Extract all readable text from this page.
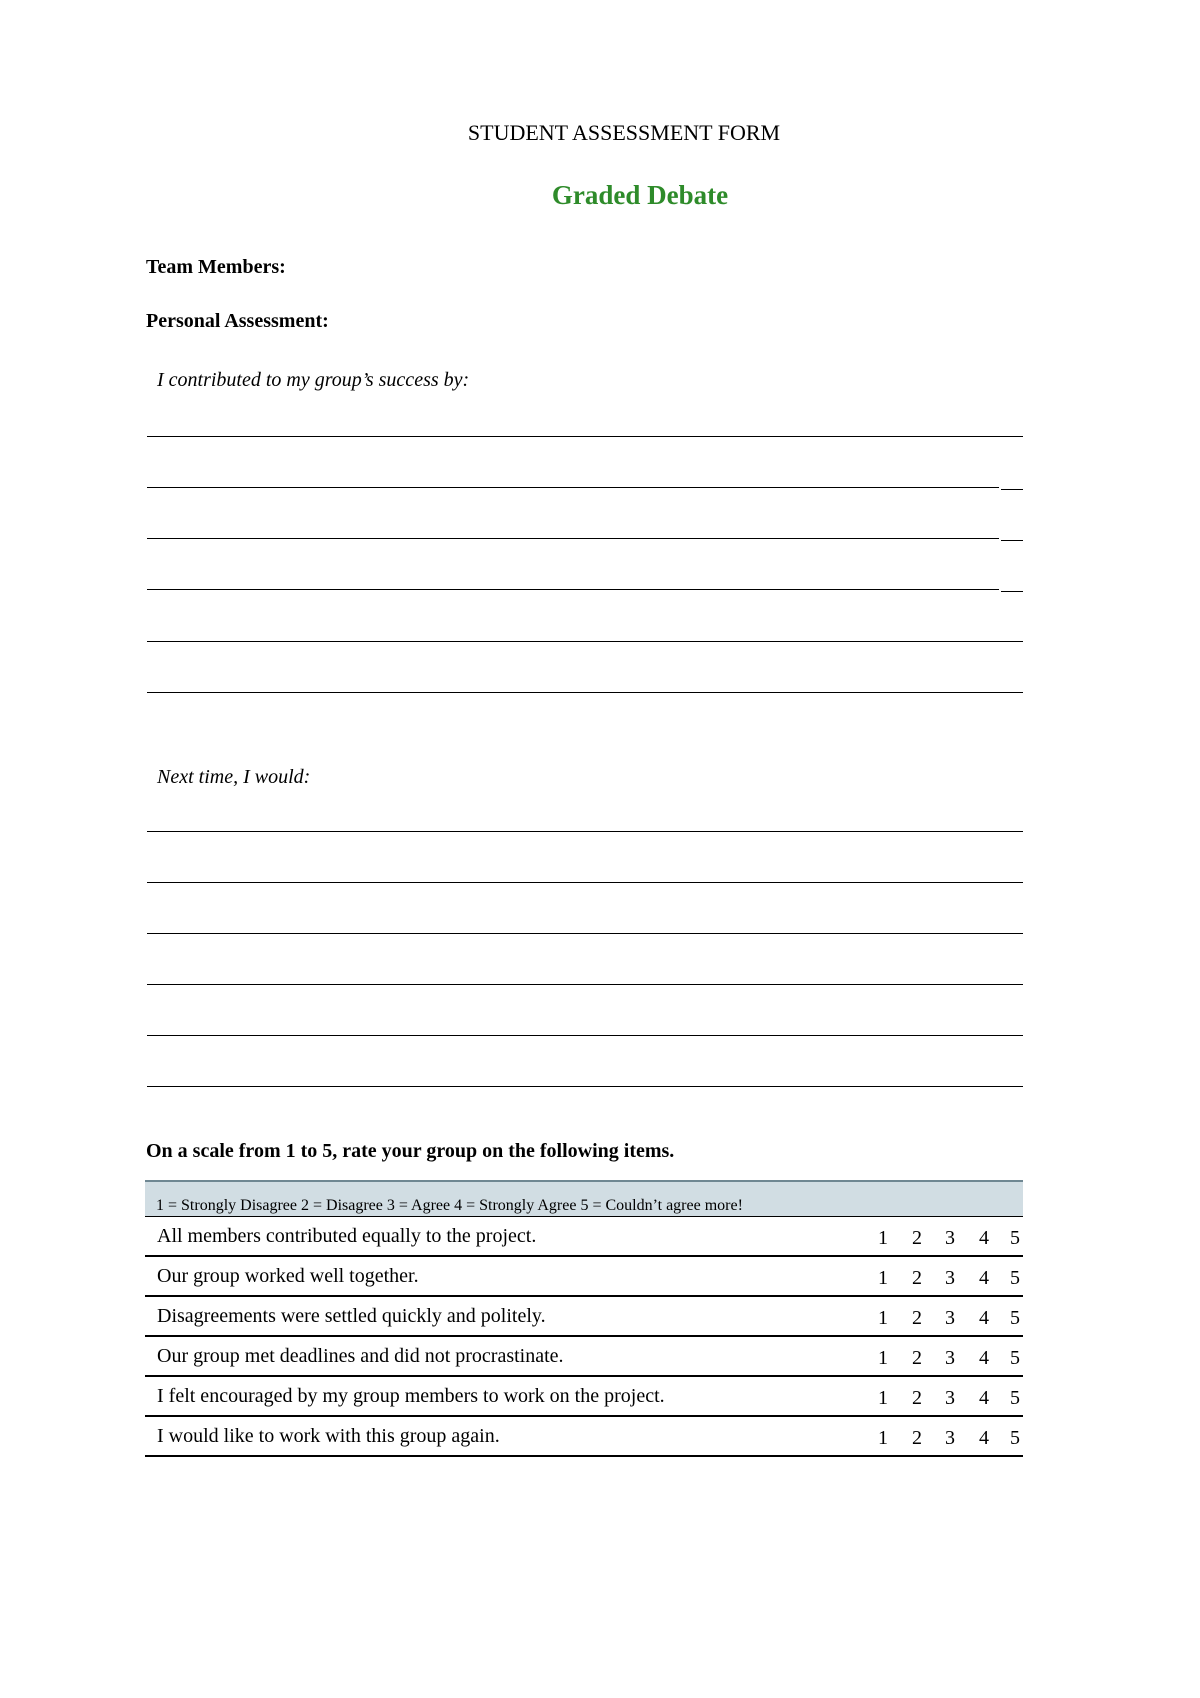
STUDENT ASSESSMENT FORM
Graded Debate
Team Members:
Personal Assessment:
I contributed to my group’s success by:
Next time, I would:
On a scale from 1 to 5, rate your group on the following items.
1 = Strongly Disagree 2 = Disagree 3 = Agree 4 = Strongly Agree 5 = Couldn’t agree more!
All members contributed equally to the project.	1 2 3 4 5
Our group worked well together.	1 2 3 4 5
Disagreements were settled quickly and politely.	1 2 3 4 5
Our group met deadlines and did not procrastinate.	1 2 3 4 5
I felt encouraged by my group members to work on the project.	1 2 3 4 5
I would like to work with this group again.	1 2 3 4 5
